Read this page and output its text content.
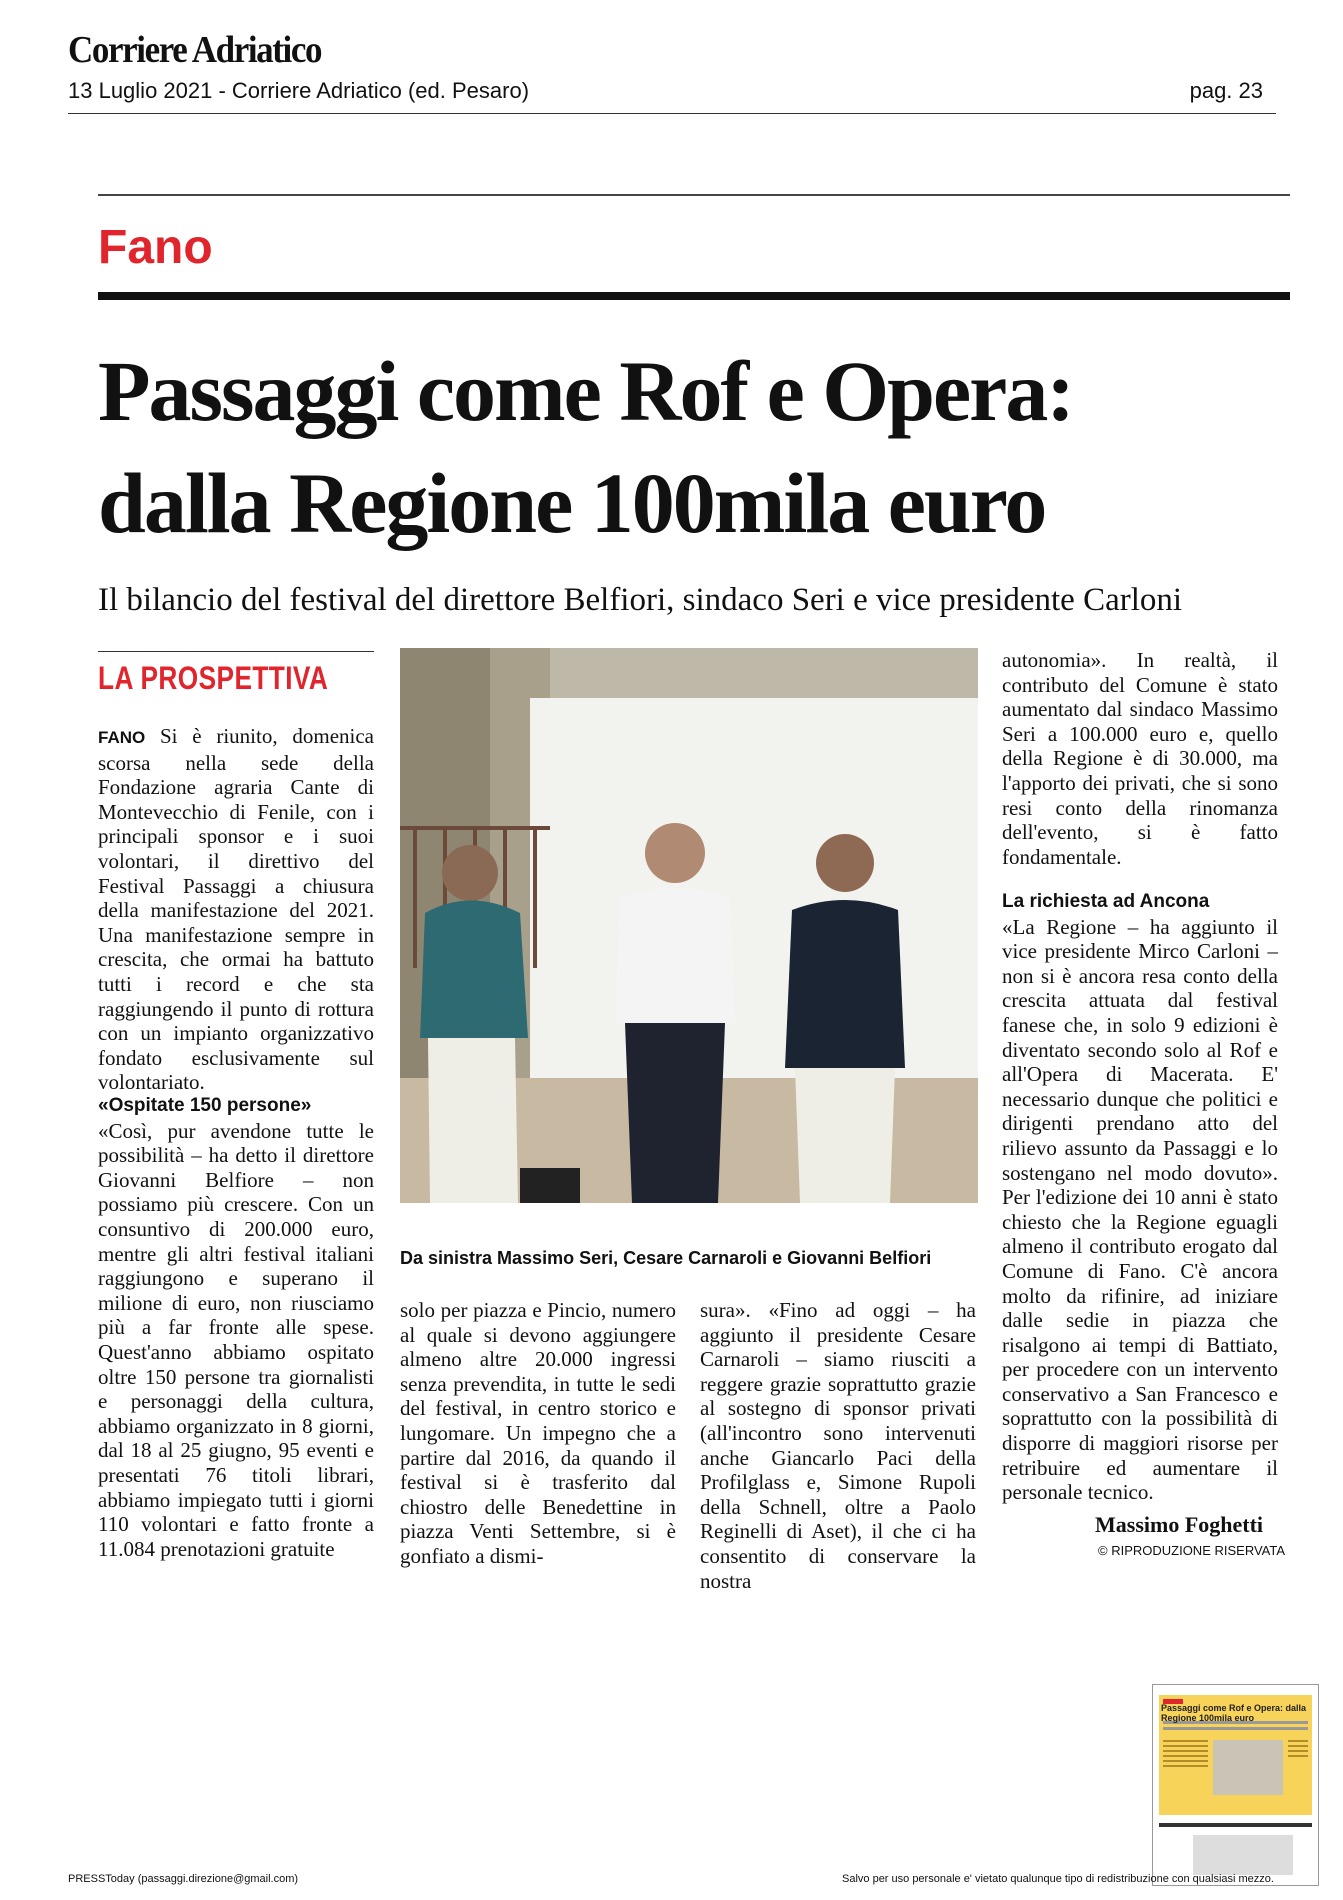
Corriere Adriatico
13 Luglio 2021 - Corriere Adriatico (ed. Pesaro)	pag. 23
Fano
Passaggi come Rof e Opera:
dalla Regione 100mila euro
Il bilancio del festival del direttore Belfiori, sindaco Seri e vice presidente Carloni
LA PROSPETTIVA

FANO Si è riunito, domenica scorsa nella sede della Fondazione agraria Cante di Montevecchio di Fenile, con i principali sponsor e i suoi volontari, il direttivo del Festival Passaggi a chiusura della manifestazione del 2021. Una manifestazione sempre in crescita, che ormai ha battuto tutti i record e che sta raggiungendo il punto di rottura con un impianto organizzativo fondato esclusivamente sul volontariato.

«Ospitate 150 persone»

«Così, pur avendone tutte le possibilità – ha detto il direttore Giovanni Belfiore – non possiamo più crescere. Con un consuntivo di 200.000 euro, mentre gli altri festival italiani raggiungono e superano il milione di euro, non riusciamo più a far fronte alle spese. Quest'anno abbiamo ospitato oltre 150 persone tra giornalisti e personaggi della cultura, abbiamo organizzato in 8 giorni, dal 18 al 25 giugno, 95 eventi e presentati 76 titoli librari, abbiamo impiegato tutti i giorni 110 volontari e fatto fronte a 11.084 prenotazioni gratuite

Da sinistra Massimo Seri, Cesare Carnaroli e Giovanni Belfiori

solo per piazza e Pincio, numero al quale si devono aggiungere almeno altre 20.000 ingressi senza prevendita, in tutte le sedi del festival, in centro storico e lungomare. Un impegno che a partire dal 2016, da quando il festival si è trasferito dal chiostro delle Benedettine in piazza Venti Settembre, si è gonfiato a dismi-

sura». «Fino ad oggi – ha aggiunto il presidente Cesare Carnaroli – siamo riusciti a reggere grazie soprattutto grazie al sostegno di sponsor privati (all'incontro sono intervenuti anche Giancarlo Paci della Profilglass e, Simone Rupoli della Schnell, oltre a Paolo Reginelli di Aset), il che ci ha consentito di conservare la nostra

autonomia». In realtà, il contributo del Comune è stato aumentato dal sindaco Massimo Seri a 100.000 euro e, quello della Regione è di 30.000, ma l'apporto dei privati, che si sono resi conto della rinomanza dell'evento, si è fatto fondamentale.

La richiesta ad Ancona

«La Regione – ha aggiunto il vice presidente Mirco Carloni – non si è ancora resa conto della crescita attuata dal festival fanese che, in solo 9 edizioni è diventato secondo solo al Rof e all'Opera di Macerata. E' necessario dunque che politici e dirigenti prendano atto del rilievo assunto da Passaggi e lo sostengano nel modo dovuto». Per l'edizione dei 10 anni è stato chiesto che la Regione eguagli almeno il contributo erogato dal Comune di Fano. C'è ancora molto da rifinire, ad iniziare dalle sedie in piazza che risalgono ai tempi di Battiato, per procedere con un intervento conservativo a San Francesco e soprattutto con la possibilità di disporre di maggiori risorse per retribuire ed aumentare il personale tecnico.

Massimo Foghetti
© RIPRODUZIONE RISERVATA
Passaggi come Rof e Opera: dalla Regione 100mila euro
PRESSToday (passaggi.direzione@gmail.com)	Salvo per uso personale e' vietato qualunque tipo di redistribuzione con qualsiasi mezzo.
